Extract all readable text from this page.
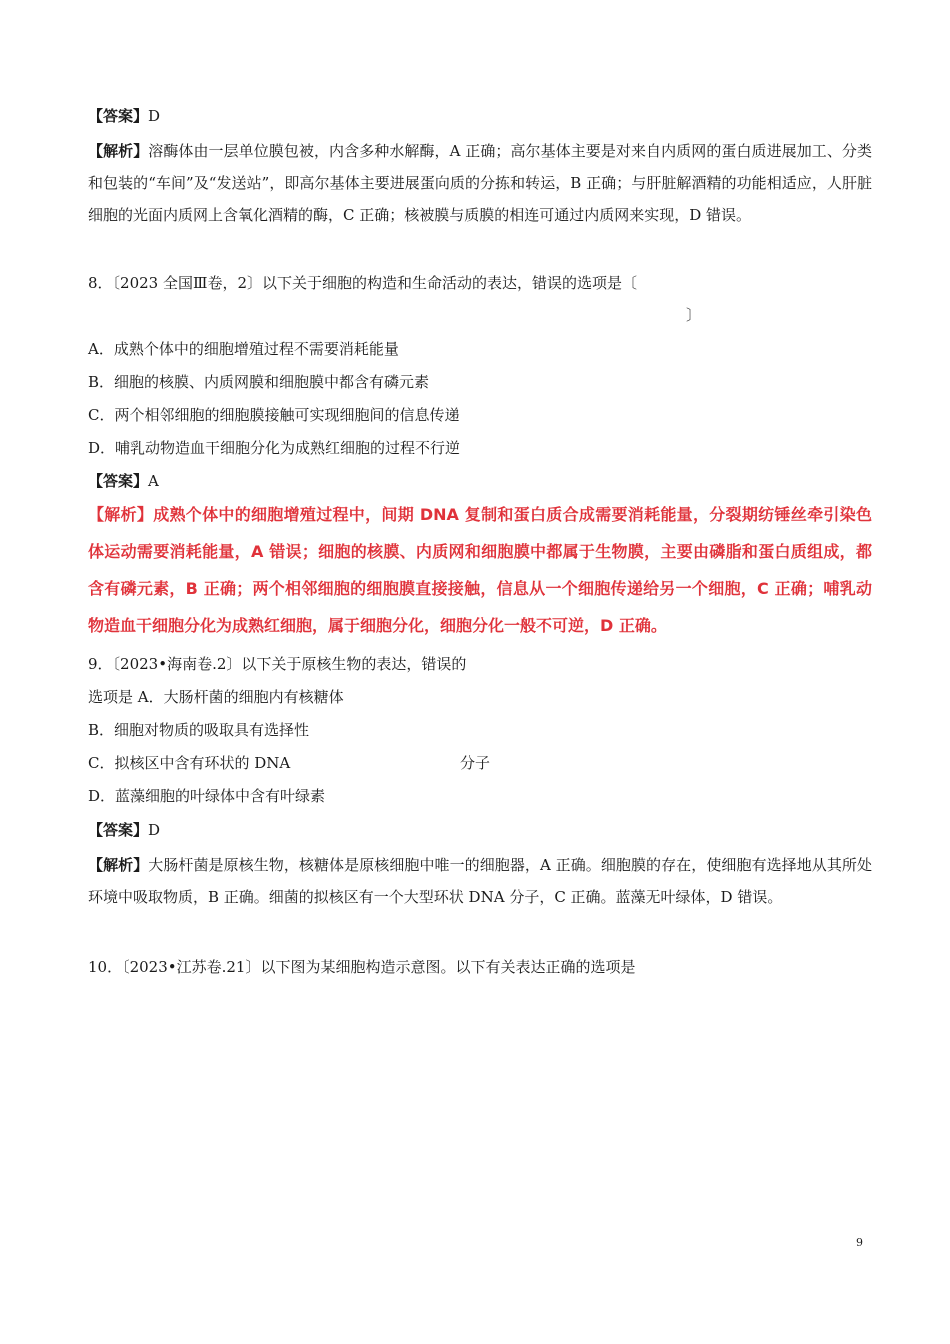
【答案】D
【解析】溶酶体由一层单位膜包被，内含多种水解酶，A 正确；高尔基体主要是对来自内质网的蛋白质进展加工、分类和包装的“车间”及“发送站”，即高尔基体主要进展蛋向质的分拣和转运，B 正确；与肝脏解酒精的功能相适应，人肝脏细胞的光面内质网上含氧化酒精的酶，C 正确；核被膜与质膜的相连可通过内质网来实现，D 错误。
8．〔2023 全国Ⅲ卷，2〕以下关于细胞的构造和生命活动的表达，错误的选项是〔
〕
A．成熟个体中的细胞增殖过程不需要消耗能量
B．细胞的核膜、内质网膜和细胞膜中都含有磷元素
C．两个相邻细胞的细胞膜接触可实现细胞间的信息传递
D．哺乳动物造血干细胞分化为成熟红细胞的过程不行逆
【答案】A
【解析】成熟个体中的细胞增殖过程中，间期 DNA 复制和蛋白质合成需要消耗能量，分裂期纺锤丝牵引染色体运动需要消耗能量，A 错误；细胞的核膜、内质网和细胞膜中都属于生物膜，主要由磷脂和蛋白质组成，都含有磷元素，B 正确；两个相邻细胞的细胞膜直接接触，信息从一个细胞传递给另一个细胞，C 正确；哺乳动物造血干细胞分化为成熟红细胞，属于细胞分化，细胞分化一般不可逆，D 正确。
9．〔2023•海南卷.2〕以下关于原核生物的表达，错误的
选项是 A．大肠杆菌的细胞内有核糖体
B．细胞对物质的吸取具有选择性
C．拟核区中含有环状的 DNA	分子
D．蓝藻细胞的叶绿体中含有叶绿素
【答案】D
【解析】大肠杆菌是原核生物，核糖体是原核细胞中唯一的细胞器，A 正确。细胞膜的存在，使细胞有选择地从其所处环境中吸取物质，B 正确。细菌的拟核区有一个大型环状 DNA 分子，C 正确。蓝藻无叶绿体，D 错误。
10．〔2023•江苏卷.21〕以下图为某细胞构造示意图。以下有关表达正确的选项是
9
